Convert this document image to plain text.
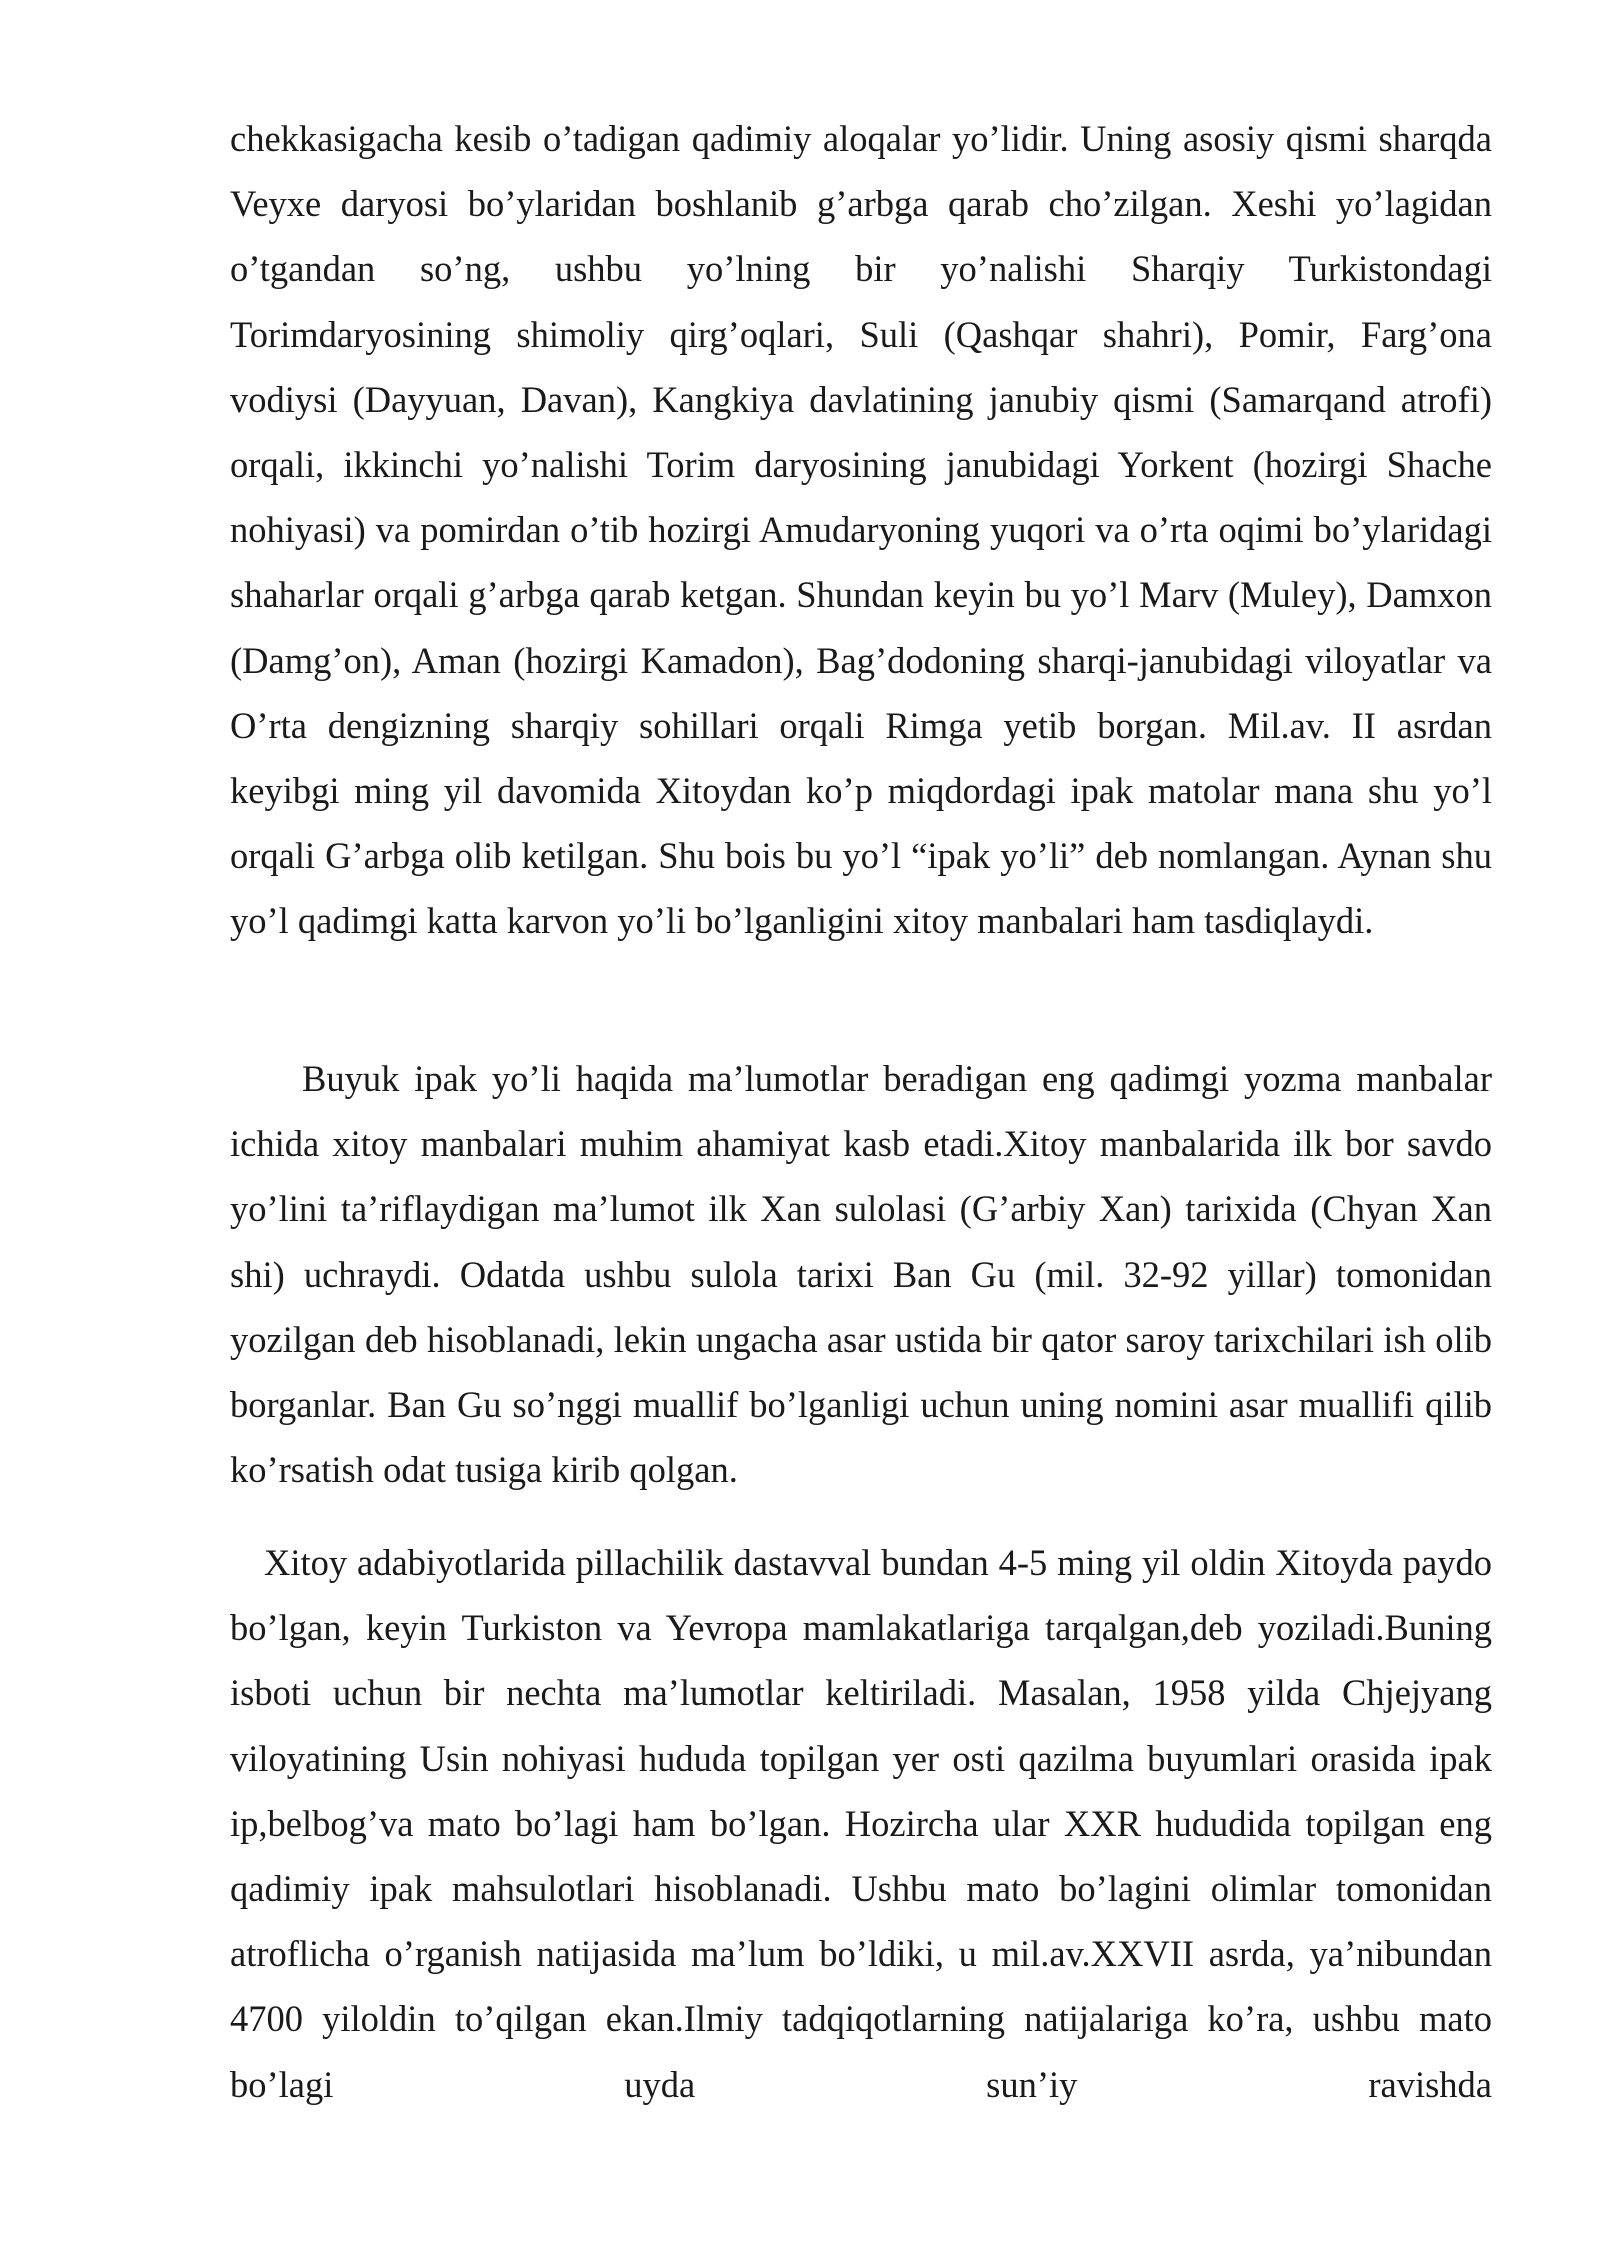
chekkasigacha kesib o’tadigan qadimiy aloqalar yo’lidir. Uning asosiy qismi sharqda Veyxe daryosi bo’ylaridan boshlanib g’arbga qarab cho’zilgan. Xeshi yo’lagidan o’tgandan so’ng, ushbu yo’lning bir yo’nalishi Sharqiy Turkistondagi Torimdaryosining shimoliy qirg’oqlari, Suli (Qashqar shahri), Pomir, Farg’ona vodiysi (Dayyuan, Davan), Kangkiya davlatining janubiy qismi (Samarqand atrofi) orqali, ikkinchi yo’nalishi Torim daryosining janubidagi Yorkent (hozirgi Shache nohiyasi) va pomirdan o’tib hozirgi Amudaryoning yuqori va o’rta oqimi bo’ylaridagi shaharlar orqali g’arbga qarab ketgan. Shundan keyin bu yo’l Marv (Muley), Damxon (Damg’on), Aman (hozirgi Kamadon), Bag’dodoning sharqi-janubidagi viloyatlar va O’rta dengizning sharqiy sohillari orqali Rimga yetib borgan. Mil.av. II asrdan keyibgi ming yil davomida Xitoydan ko’p miqdordagi ipak matolar mana shu yo’l orqali G’arbga olib ketilgan. Shu bois bu yo’l “ipak yo’li” deb nomlangan. Aynan shu yo’l qadimgi katta karvon yo’li bo’lganligini xitoy manbalari ham tasdiqlaydi.

Buyuk ipak yo’li haqida ma’lumotlar beradigan eng qadimgi yozma manbalar ichida xitoy manbalari muhim ahamiyat kasb etadi.Xitoy manbalarida ilk bor savdo yo’lini ta’riflaydigan ma’lumot ilk Xan sulolasi (G’arbiy Xan) tarixida (Chyan Xan shi) uchraydi. Odatda ushbu sulola tarixi Ban Gu (mil. 32-92 yillar) tomonidan yozilgan deb hisoblanadi, lekin ungacha asar ustida bir qator saroy tarixchilari ish olib borganlar. Ban Gu so’nggi muallif bo’lganligi uchun uning nomini asar muallifi qilib ko’rsatish odat tusiga kirib qolgan.

Xitoy adabiyotlarida pillachilik dastavval bundan 4-5 ming yil oldin Xitoyda paydo bo’lgan, keyin Turkiston va Yevropa mamlakatlariga tarqalgan,deb yoziladi.Buning isboti uchun bir nechta ma’lumotlar keltiriladi. Masalan, 1958 yilda Chjejyang viloyatining Usin nohiyasi hududa topilgan yer osti qazilma buyumlari orasida ipak ip,belbog’va mato bo’lagi ham bo’lgan. Hozircha ular XXR hududida topilgan eng qadimiy ipak mahsulotlari hisoblanadi. Ushbu mato bo’lagini olimlar tomonidan atroflicha o’rganish natijasida ma’lum bo’ldiki, u mil.av.XXVII asrda, ya’nibundan 4700 yiloldin to’qilgan ekan.Ilmiy tadqiqotlarning natijalariga ko’ra, ushbu mato bo’lagi uyda sun’iy ravishda
